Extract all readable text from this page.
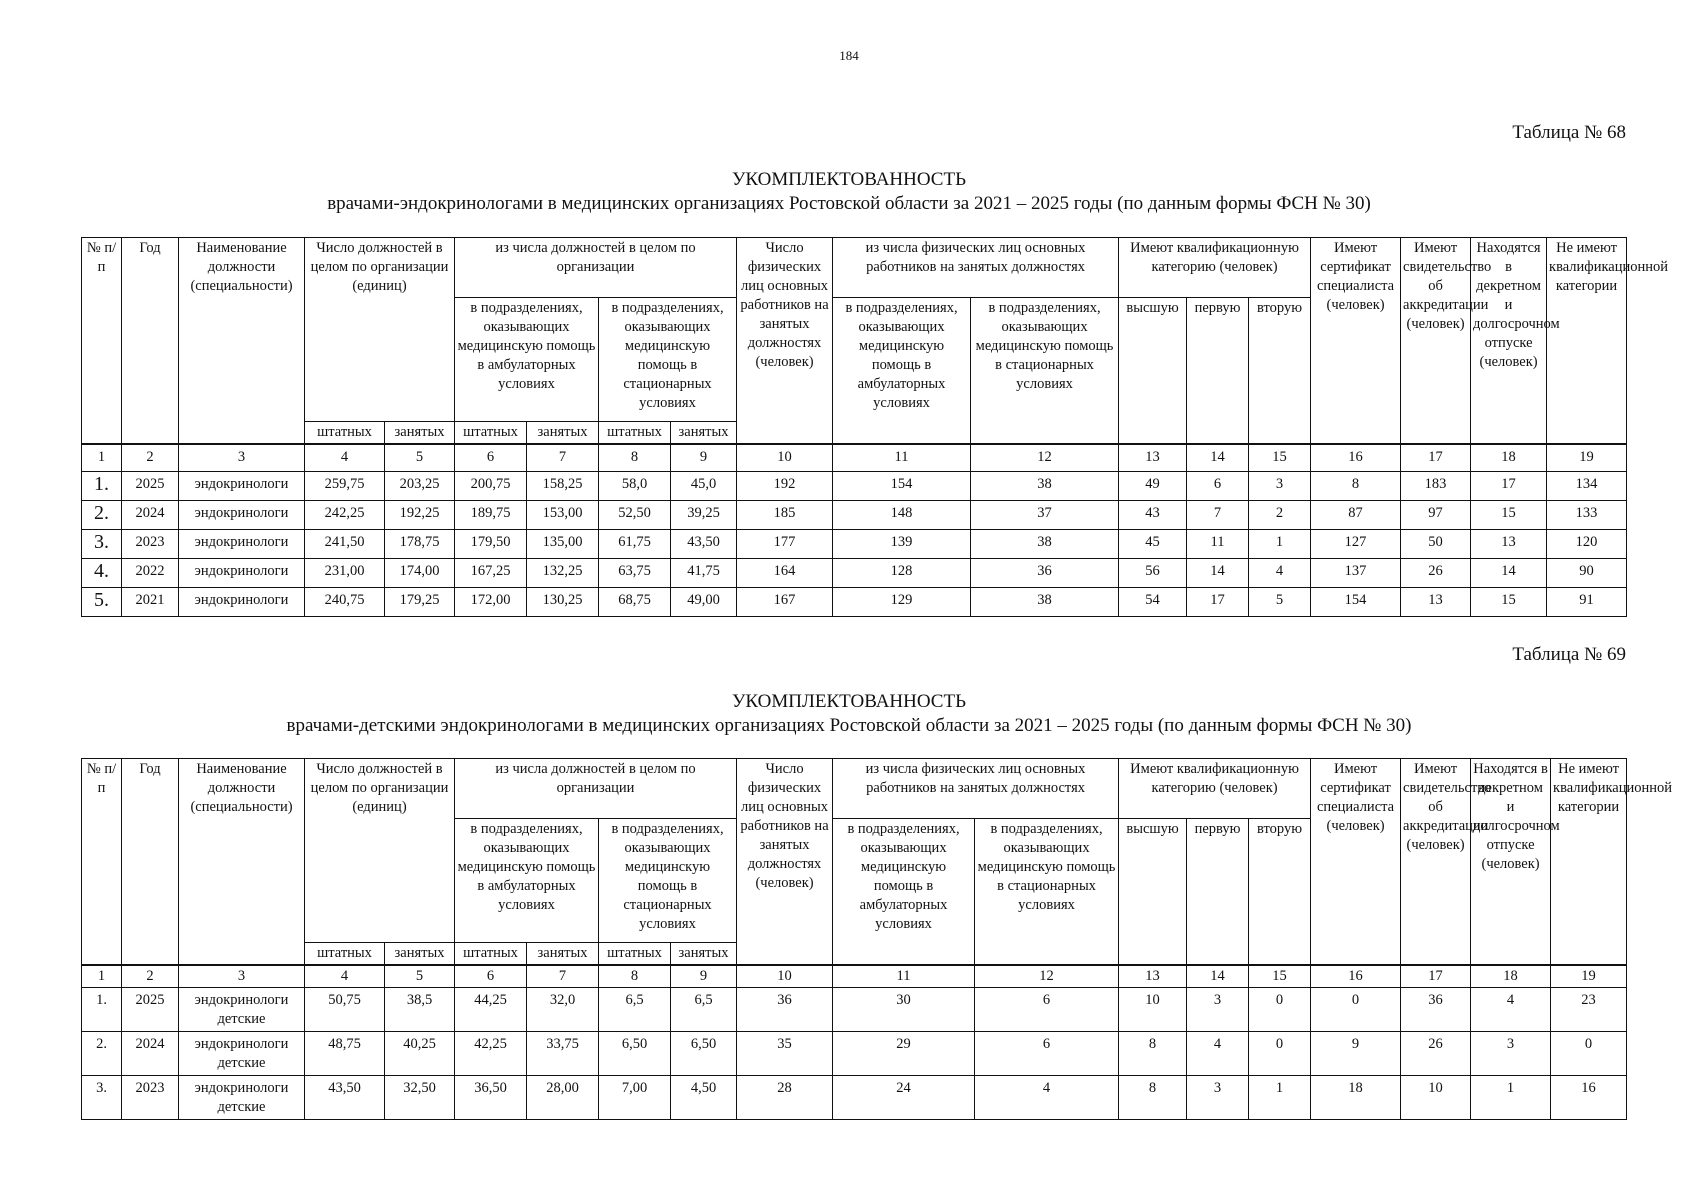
184
Таблица № 68
УКОМПЛЕКТОВАННОСТЬ
врачами-эндокринологами в медицинских организациях Ростовской области за 2021 – 2025 годы (по данным формы ФСН № 30)
№ п/п	Год	Наименование должности (специальности)	Число должностей в целом по организации (единиц)		из числа должностей в целом по организации				Число физических лиц основных работников на занятых должностях (человек)	из числа физических лиц основных работников на занятых должностях		Имеют квалификационную категорию (человек)			Имеют сертификат специалиста (человек)	Имеют свидетельство об аккредитации (человек)	Находятся в декретном и долгосрочном отпуске (человек)	Не имеют квалификационной категории
					в подразделениях, оказывающих медицинскую помощь в амбулаторных условиях		в подразделениях, оказывающих медицинскую помощь в стационарных условиях			в подразделениях, оказывающих медицинскую помощь в амбулаторных условиях	в подразделениях, оказывающих медицинскую помощь в стационарных условиях	высшую	первую	вторую				
			штатных	занятых	штатных	занятых	штатных	занятых										
1	2	3	4	5	6	7	8	9	10	11	12	13	14	15	16	17	18	19
1.	2025	эндокринологи	259,75	203,25	200,75	158,25	58,0	45,0	192	154	38	49	6	3	8	183	17	134
2.	2024	эндокринологи	242,25	192,25	189,75	153,00	52,50	39,25	185	148	37	43	7	2	87	97	15	133
3.	2023	эндокринологи	241,50	178,75	179,50	135,00	61,75	43,50	177	139	38	45	11	1	127	50	13	120
4.	2022	эндокринологи	231,00	174,00	167,25	132,25	63,75	41,75	164	128	36	56	14	4	137	26	14	90
5.	2021	эндокринологи	240,75	179,25	172,00	130,25	68,75	49,00	167	129	38	54	17	5	154	13	15	91
Таблица № 69
УКОМПЛЕКТОВАННОСТЬ
врачами-детскими эндокринологами в медицинских организациях Ростовской области за 2021 – 2025 годы (по данным формы ФСН № 30)
№ п/п	Год	Наименование должности (специальности)	Число должностей в целом по организации (единиц)		из числа должностей в целом по организации				Число физических лиц основных работников на занятых должностях (человек)	из числа физических лиц основных работников на занятых должностях		Имеют квалификационную категорию (человек)			Имеют сертификат специалиста (человек)	Имеют свидетельство об аккредитации (человек)	Находятся в декретном и долгосрочном отпуске (человек)	Не имеют квалификационной категории
					в подразделениях, оказывающих медицинскую помощь в амбулаторных условиях		в подразделениях, оказывающих медицинскую помощь в стационарных условиях			в подразделениях, оказывающих медицинскую помощь в амбулаторных условиях	в подразделениях, оказывающих медицинскую помощь в стационарных условиях	высшую	первую	вторую				
			штатных	занятых	штатных	занятых	штатных	занятых										
1	2	3	4	5	6	7	8	9	10	11	12	13	14	15	16	17	18	19
1.	2025	эндокринологи детские	50,75	38,5	44,25	32,0	6,5	6,5	36	30	6	10	3	0	0	36	4	23
2.	2024	эндокринологи детские	48,75	40,25	42,25	33,75	6,50	6,50	35	29	6	8	4	0	9	26	3	0
3.	2023	эндокринологи детские	43,50	32,50	36,50	28,00	7,00	4,50	28	24	4	8	3	1	18	10	1	16
